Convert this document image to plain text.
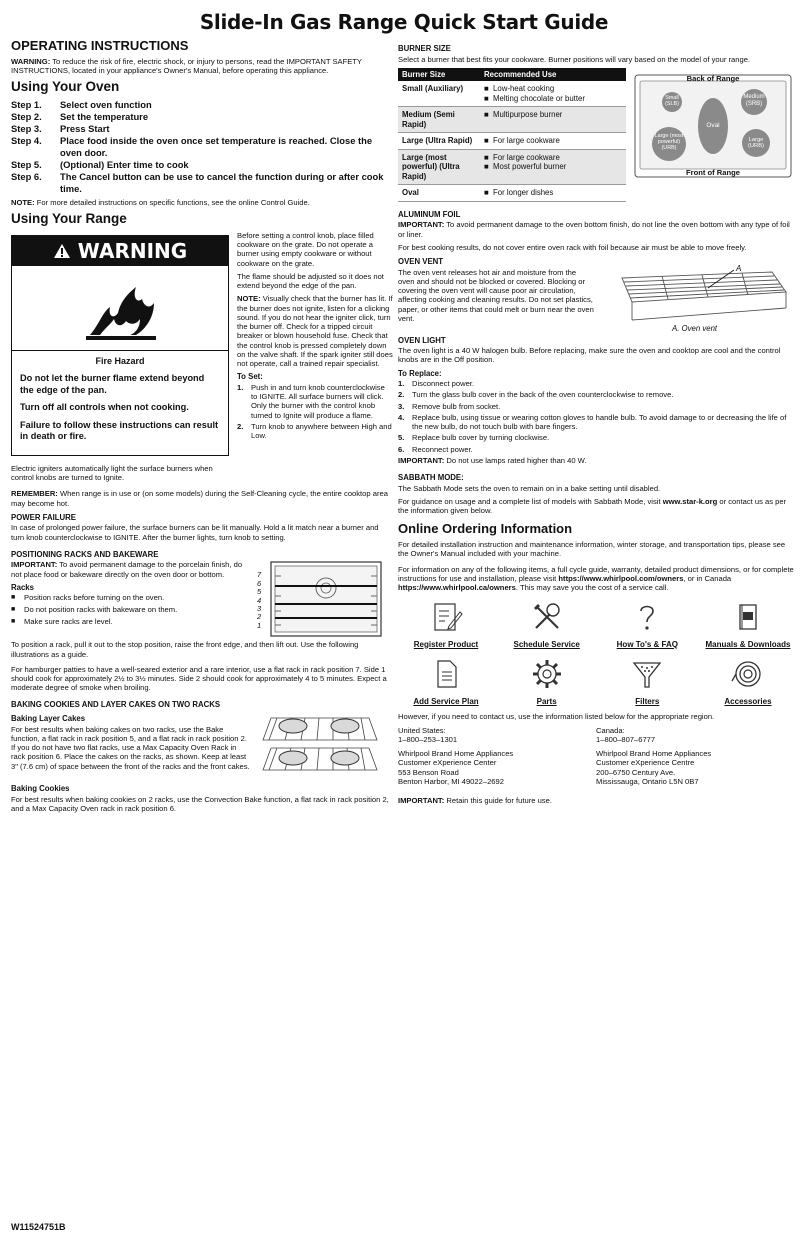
Slide-In Gas Range Quick Start Guide
OPERATING INSTRUCTIONS

WARNING: To reduce the risk of fire, electric shock, or injury to persons, read the IMPORTANT SAFETY INSTRUCTIONS, located in your appliance's Owner's Manual, before operating this appliance.

Using Your Oven
Step 1.	Select oven function
Step 2.	Set the temperature
Step 3.	Press Start
Step 4.	Place food inside the oven once set temperature is reached. Close the oven door.
Step 5.	(Optional) Enter time to cook
Step 6.	The Cancel button can be use to cancel the function during or after cook time.

NOTE: For more detailed instructions on specific functions, see the online Control Guide.

Using Your Range
WARNING
Fire Hazard

Do not let the burner flame extend beyond the edge of the pan.

Turn off all controls when not cooking.

Failure to follow these instructions can result in death or fire.

Electric igniters automatically light the surface burners when control knobs are turned to Ignite.

Before setting a control knob, place filled cookware on the grate. Do not operate a burner using empty cookware or without cookware on the grate.

The flame should be adjusted so it does not extend beyond the edge of the pan.

NOTE: Visually check that the burner has lit. If the burner does not ignite, listen for a clicking sound. If you do not hear the igniter click, turn the burner off. Check for a tripped circuit breaker or blown household fuse. Check that the control knob is pressed completely down on the valve shaft. If the spark igniter still does not operate, call a trained repair specialist.

To Set:
1.	Push in and turn knob counterclockwise to IGNITE. All surface burners will click. Only the burner with the control knob turned to Ignite will produce a flame.
2.	Turn knob to anywhere between High and Low.

REMEMBER: When range is in use or (on some models) during the Self-Cleaning cycle, the entire cooktop area may become hot.

POWER FAILURE

In case of prolonged power failure, the surface burners can be lit manually. Hold a lit match near a burner and turn knob counterclockwise to IGNITE. After the burner lights, turn knob to setting.

POSITIONING RACKS AND BAKEWARE

IMPORTANT: To avoid permanent damage to the porcelain finish, do not place food or bakeware directly on the oven door or bottom.

Racks
■	Position racks before turning on the oven.
■	Do not position racks with bakeware on them.
■	Make sure racks are level.
7
6
5
4
3
2
1

To position a rack, pull it out to the stop position, raise the front edge, and then lift out. Use the following illustrations as a guide.

For hamburger patties to have a well-seared exterior and a rare interior, use a flat rack in rack position 7. Side 1 should cook for approximately 2½ to 3½ minutes. Side 2 should cook for approximately 4 to 5 minutes. Expect a moderate degree of smoke when broiling.

BAKING COOKIES AND LAYER CAKES ON TWO RACKS
Baking Layer Cakes

For best results when baking cakes on two racks, use the Bake function, a flat rack in rack position 5, and a flat rack in rack position 2. If you do not have two flat racks, use a Max Capacity Oven Rack in rack position 6. Place the cakes on the racks, as shown. Keep at least 3" (7.6 cm) of space between the front of the racks and the front cakes.

Baking Cookies

For best results when baking cookies on 2 racks, use the Convection Bake function, a flat rack in rack position 2, and a Max Capacity Oven rack in rack position 6.

BURNER SIZE

Select a burner that best fits your cookware. Burner positions will vary based on the model of your range.

Burner Size	Recommended Use
Small (Auxiliary)	■  Low-heat cooking
■  Melting chocolate or butter

Medium (Semi Rapid)	■  Multipurpose burner

Large (Ultra Rapid)	■  For large cookware

Large (most powerful) (Ultra Rapid)	■  For large cookware
■  Most powerful burner

Oval	■  For longer dishes
Back of Range
Front of Range
Small
(SLB)
Medium
(SRB)
Oval
Large (most powerful)
(URB)
Large
(URB)
ALUMINUM FOIL

IMPORTANT: To avoid permanent damage to the oven bottom finish, do not line the oven bottom with any type of foil or liner.

For best cooking results, do not cover entire oven rack with foil because air must be able to move freely.

OVEN VENT

The oven vent releases hot air and moisture from the oven and should not be blocked or covered. Blocking or covering the oven vent will cause poor air circulation, affecting cooking and cleaning results. Do not set plastics, paper, or other items that could melt or burn near the oven vent.

A
A. Oven vent
OVEN LIGHT

The oven light is a 40 W halogen bulb. Before replacing, make sure the oven and cooktop are cool and the control knobs are in the Off position.

To Replace:
1.	Disconnect power.
2.	Turn the glass bulb cover in the back of the oven counterclockwise to remove.
3.	Remove bulb from socket.
4.	Replace bulb, using tissue or wearing cotton gloves to handle bulb. To avoid damage to or decreasing the life of the new bulb, do not touch bulb with bare fingers.
5.	Replace bulb cover by turning clockwise.
6.	Reconnect power.

IMPORTANT: Do not use lamps rated higher than 40 W.

SABBATH MODE:

The Sabbath Mode sets the oven to remain on in a bake setting until disabled.

For guidance on usage and a complete list of models with Sabbath Mode, visit www.star-k.org or contact us as per the information given below.

Online Ordering Information

For detailed installation instruction and maintenance information, winter storage, and transportation tips, please see the Owner's Manual included with your machine.

For information on any of the following items, a full cycle guide, warranty, detailed product dimensions, or for complete instructions for use and installation, please visit https://www.whirlpool.com/owners, or in Canada https://www.whirlpool.ca/owners. This may save you the cost of a service call.

Register Product	Schedule Service	How To's & FAQ	Manuals & Downloads
Add Service Plan	Parts	Filters	Accessories

However, if you need to contact us, use the information listed below for the appropriate region.

United States:
1–800–253–1301
Whirlpool Brand Home Appliances
Customer eXperience Center
553 Benson Road
Benton Harbor, MI 49022–2692
Canada:
1–800–807–6777
Whirlpool Brand Home Appliances
Customer eXperience Centre
200–6750 Century Ave.
Mississauga, Ontario L5N 0B7

IMPORTANT: Retain this guide for future use.

W11524751B
